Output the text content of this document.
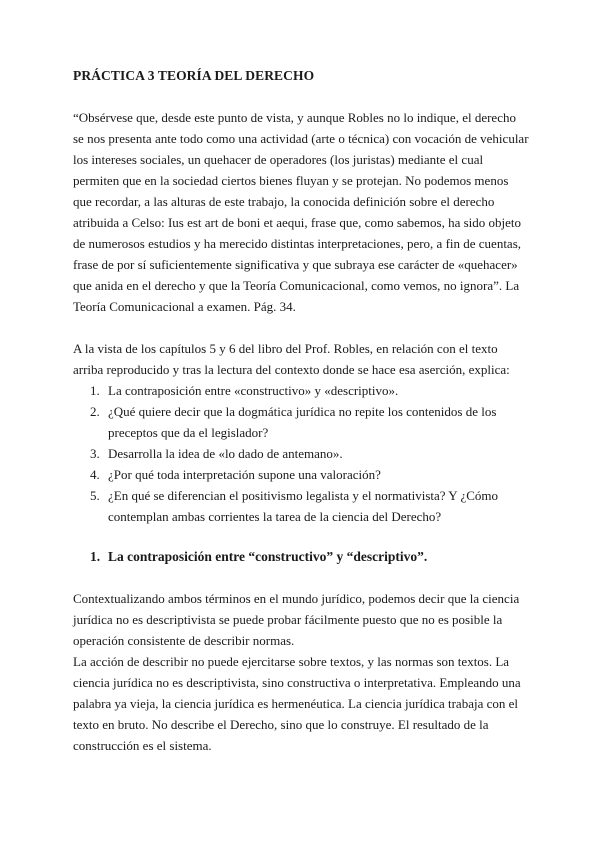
PRÁCTICA 3 TEORÍA DEL DERECHO

“Obsérvese que, desde este punto de vista, y aunque Robles no lo indique, el derecho se nos presenta ante todo como una actividad (arte o técnica) con vocación de vehicular los intereses sociales, un quehacer de operadores (los juristas) mediante el cual permiten que en la sociedad ciertos bienes fluyan y se protejan. No podemos menos que recordar, a las alturas de este trabajo, la conocida definición sobre el derecho atribuida a Celso: Ius est art de boni et aequi, frase que, como sabemos, ha sido objeto de numerosos estudios y ha merecido distintas interpretaciones, pero, a fin de cuentas, frase de por sí suficientemente significativa y que subraya ese carácter de «quehacer» que anida en el derecho y que la Teoría Comunicacional, como vemos, no ignora”. La Teoría Comunicacional a examen. Pág. 34.

A la vista de los capítulos 5 y 6 del libro del Prof. Robles, en relación con el texto arriba reproducido y tras la lectura del contexto donde se hace esa aserción, explica:

1. La contraposición entre «constructivo» y «descriptivo».
2. ¿Qué quiere decir que la dogmática jurídica no repite los contenidos de los preceptos que da el legislador?
3. Desarrolla la idea de «lo dado de antemano».
4. ¿Por qué toda interpretación supone una valoración?
5. ¿En qué se diferencian el positivismo legalista y el normativista? Y ¿Cómo contemplan ambas corrientes la tarea de la ciencia del Derecho?
1. La contraposición entre “constructivo” y “descriptivo”.

Contextualizando ambos términos en el mundo jurídico, podemos decir que la ciencia jurídica no es descriptivista se puede probar fácilmente puesto que no es posible la operación consistente de describir normas.

La acción de describir no puede ejercitarse sobre textos, y las normas son textos. La ciencia jurídica no es descriptivista, sino constructiva o interpretativa. Empleando una palabra ya vieja, la ciencia jurídica es hermenéutica. La ciencia jurídica trabaja con el texto en bruto. No describe el Derecho, sino que lo construye. El resultado de la construcción es el sistema.
